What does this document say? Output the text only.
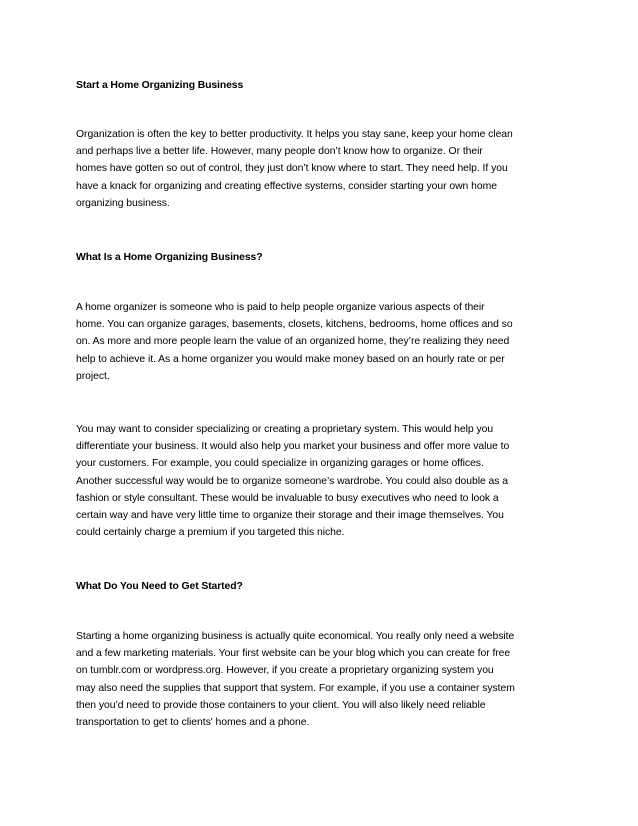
Start a Home Organizing Business
Organization is often the key to better productivity. It helps you stay sane, keep your home clean
and perhaps live a better life. However, many people don’t know how to organize. Or their
homes have gotten so out of control, they just don’t know where to start. They need help. If you
have a knack for organizing and creating effective systems, consider starting your own home
organizing business.
What Is a Home Organizing Business?
A home organizer is someone who is paid to help people organize various aspects of their
home. You can organize garages, basements, closets, kitchens, bedrooms, home offices and so
on. As more and more people learn the value of an organized home, they’re realizing they need
help to achieve it. As a home organizer you would make money based on an hourly rate or per
project.
You may want to consider specializing or creating a proprietary system. This would help you
differentiate your business. It would also help you market your business and offer more value to
your customers. For example, you could specialize in organizing garages or home offices.
Another successful way would be to organize someone’s wardrobe. You could also double as a
fashion or style consultant. These would be invaluable to busy executives who need to look a
certain way and have very little time to organize their storage and their image themselves. You
could certainly charge a premium if you targeted this niche.
What Do You Need to Get Started?
Starting a home organizing business is actually quite economical. You really only need a website
and a few marketing materials. Your first website can be your blog which you can create for free
on tumblr.com or wordpress.org. However, if you create a proprietary organizing system you
may also need the supplies that support that system. For example, if you use a container system
then you’d need to provide those containers to your client. You will also likely need reliable
transportation to get to clients' homes and a phone.
